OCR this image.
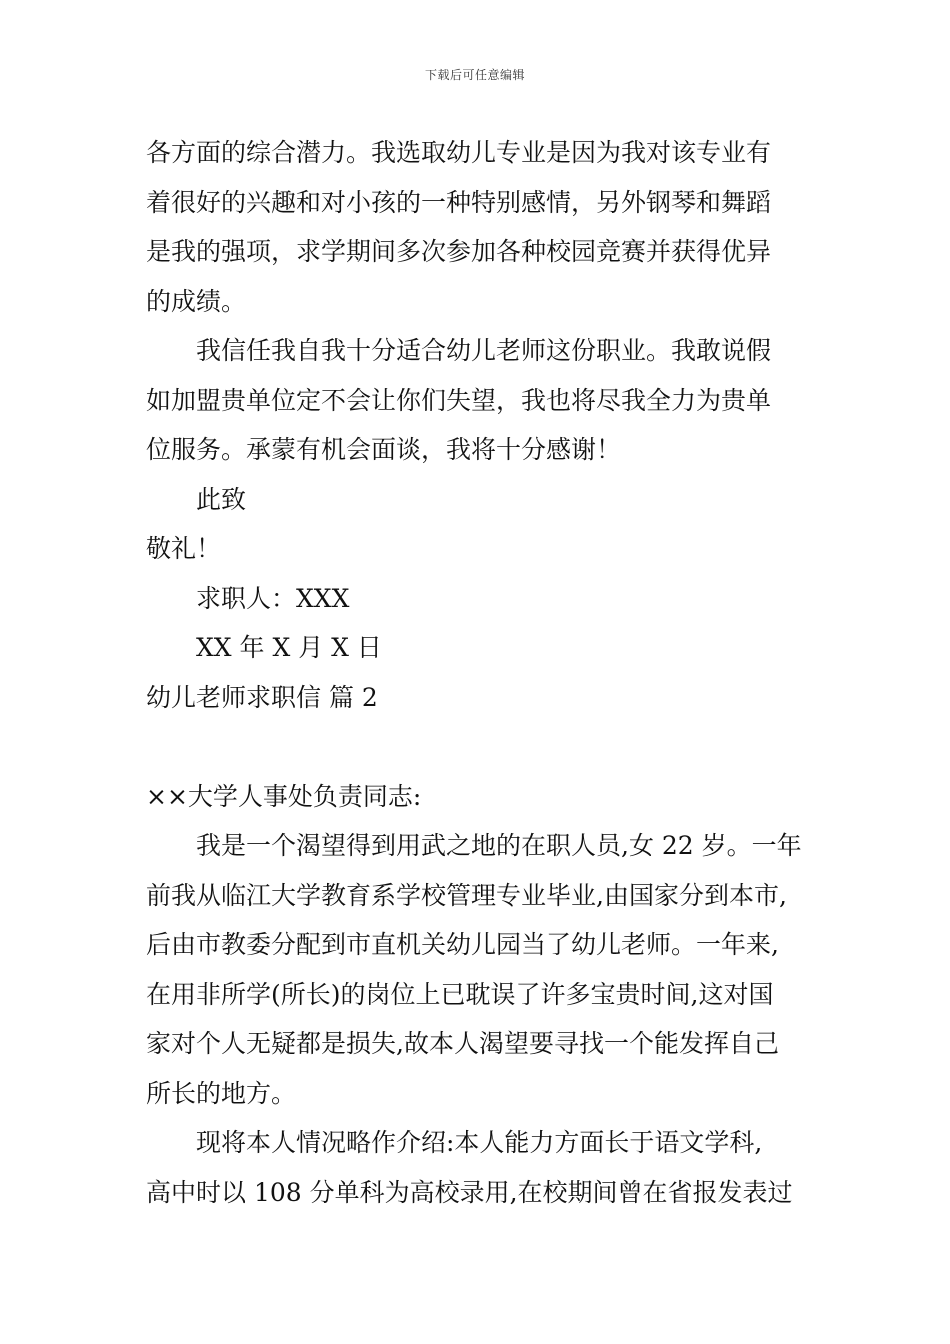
下载后可任意编辑
各方面的综合潜力。我选取幼儿专业是因为我对该专业有
着很好的兴趣和对小孩的一种特别感情，另外钢琴和舞蹈
是我的强项，求学期间多次参加各种校园竞赛并获得优异
的成绩。
我信任我自我十分适合幼儿老师这份职业。我敢说假
如加盟贵单位定不会让你们失望，我也将尽我全力为贵单
位服务。承蒙有机会面谈，我将十分感谢！
此致
敬礼！
求职人：XXX
XX 年 X 月 X 日
幼儿老师求职信 篇 2
××大学人事处负责同志:
我是一个渴望得到用武之地的在职人员,女 22 岁。一年
前我从临江大学教育系学校管理专业毕业,由国家分到本市,
后由市教委分配到市直机关幼儿园当了幼儿老师。一年来,
在用非所学(所长)的岗位上已耽误了许多宝贵时间,这对国
家对个人无疑都是损失,故本人渴望要寻找一个能发挥自己
所长的地方。
现将本人情况略作介绍:本人能力方面长于语文学科,
高中时以 108 分单科为高校录用,在校期间曾在省报发表过
